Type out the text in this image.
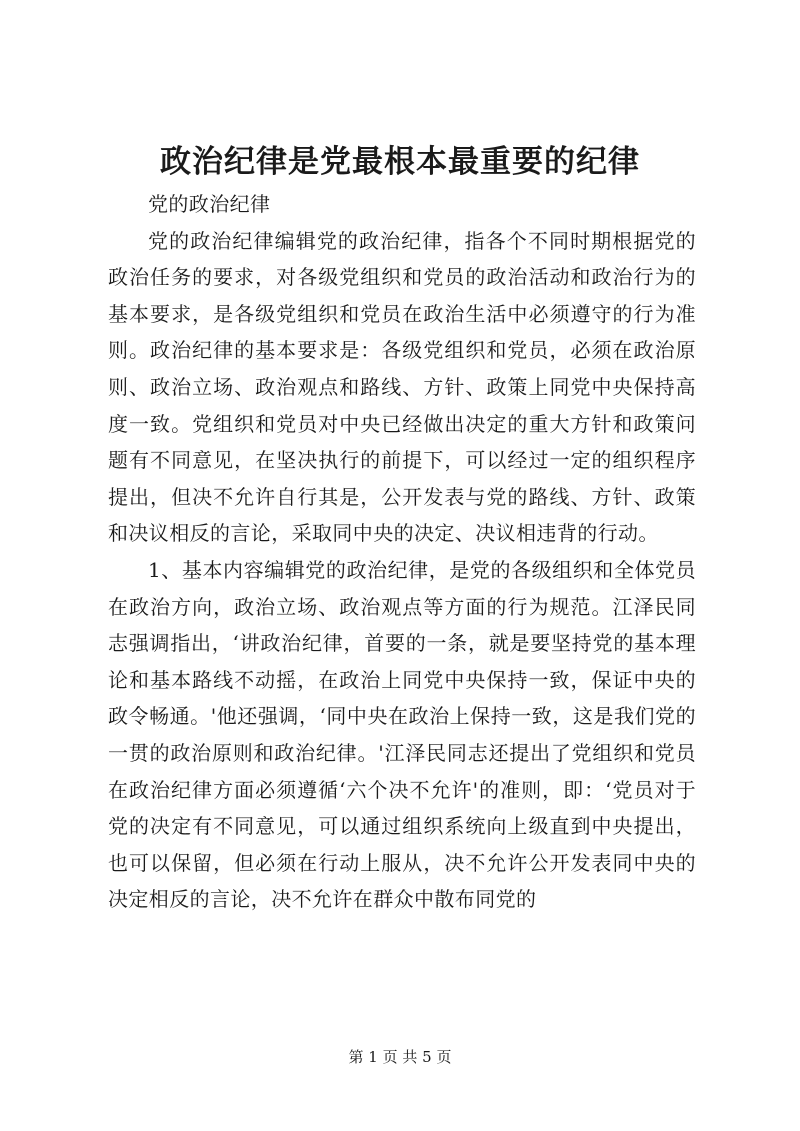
政治纪律是党最根本最重要的纪律

党的政治纪律

党的政治纪律编辑党的政治纪律，指各个不同时期根据党的政治任务的要求，对各级党组织和党员的政治活动和政治行为的基本要求，是各级党组织和党员在政治生活中必须遵守的行为准则。政治纪律的基本要求是：各级党组织和党员，必须在政治原则、政治立场、政治观点和路线、方针、政策上同党中央保持高度一致。党组织和党员对中央已经做出决定的重大方针和政策问题有不同意见，在坚决执行的前提下，可以经过一定的组织程序提出，但决不允许自行其是，公开发表与党的路线、方针、政策和决议相反的言论，采取同中央的决定、决议相违背的行动。

1、基本内容编辑党的政治纪律，是党的各级组织和全体党员在政治方向，政治立场、政治观点等方面的行为规范。江泽民同志强调指出，‘讲政治纪律，首要的一条，就是要坚持党的基本理论和基本路线不动摇，在政治上同党中央保持一致，保证中央的政令畅通。'他还强调，‘同中央在政治上保持一致，这是我们党的一贯的政治原则和政治纪律。'江泽民同志还提出了党组织和党员在政治纪律方面必须遵循‘六个决不允许'的准则，即：‘党员对于党的决定有不同意见，可以通过组织系统向上级直到中央提出，也可以保留，但必须在行动上服从，决不允许公开发表同中央的决定相反的言论，决不允许在群众中散布同党的

第 1 页 共 5 页
